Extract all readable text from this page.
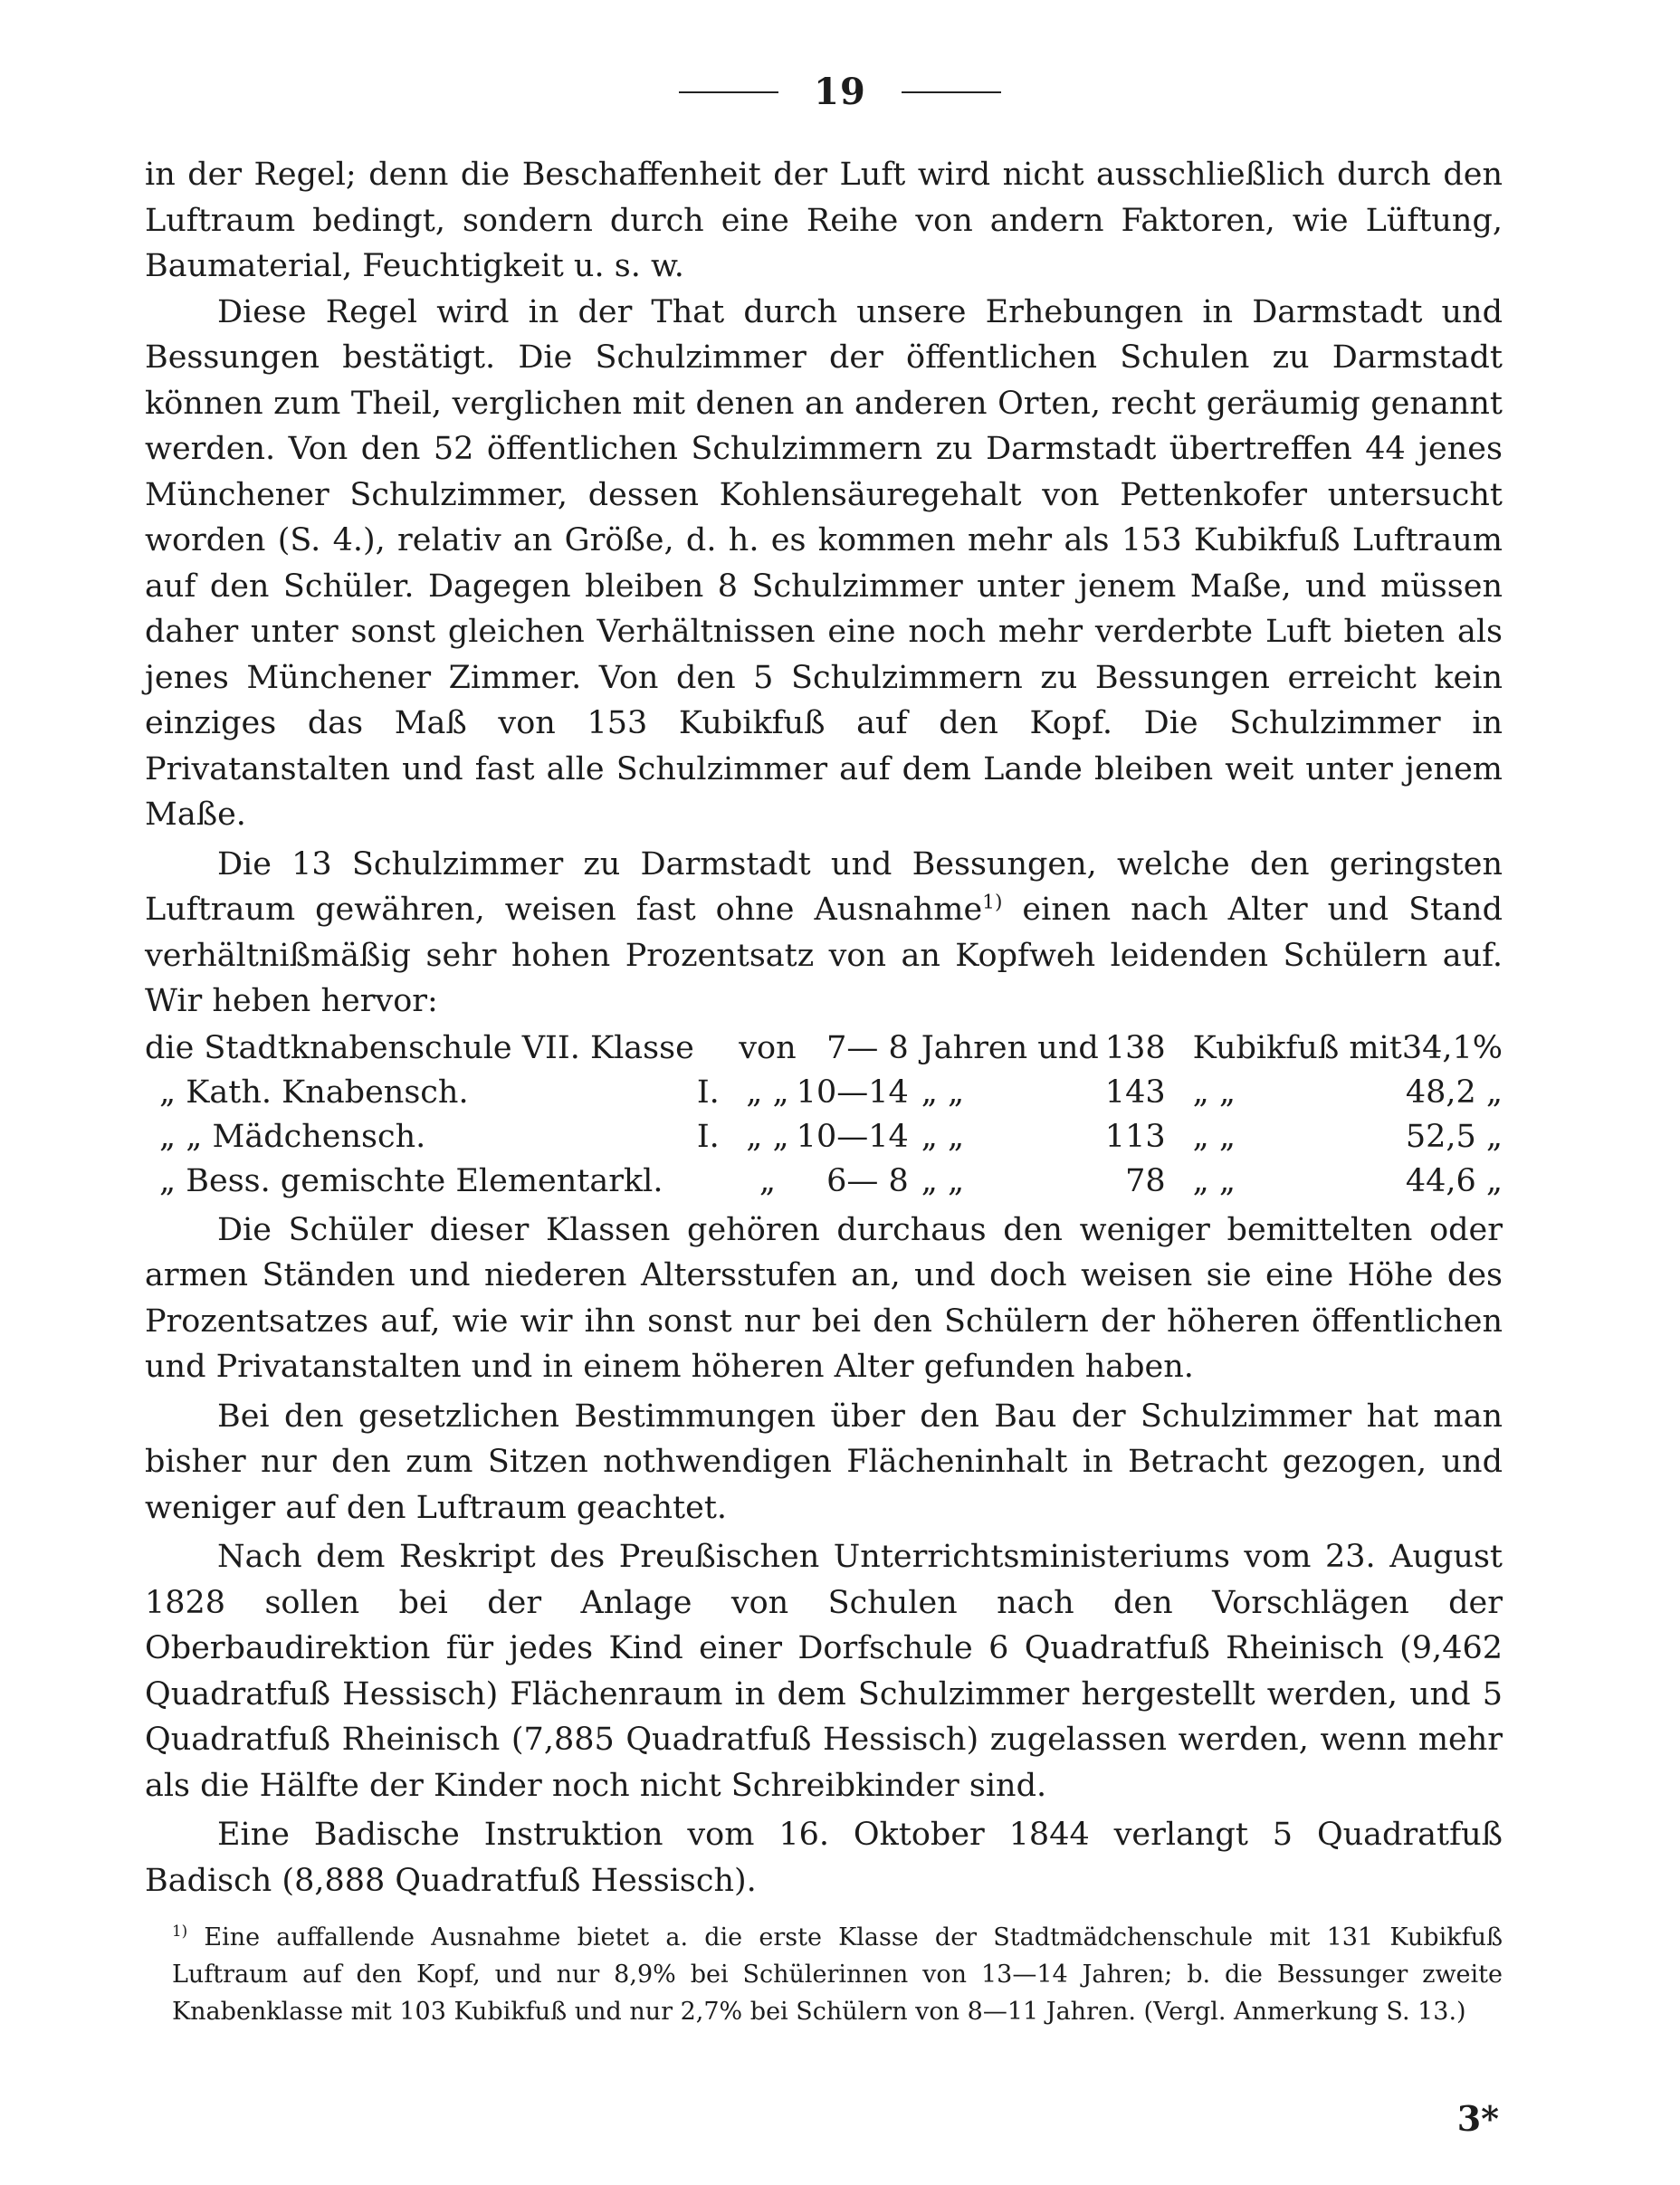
19

in der Regel; denn die Beschaffenheit der Luft wird nicht ausschließlich durch den Luftraum bedingt, sondern durch eine Reihe von andern Faktoren, wie Lüftung, Baumaterial, Feuchtigkeit u. s. w.

Diese Regel wird in der That durch unsere Erhebungen in Darmstadt und Bessungen bestätigt. Die Schulzimmer der öffentlichen Schulen zu Darmstadt können zum Theil, verglichen mit denen an anderen Orten, recht geräumig genannt werden. Von den 52 öffentlichen Schulzimmern zu Darmstadt übertreffen 44 jenes Münchener Schulzimmer, dessen Kohlensäuregehalt von Pettenkofer untersucht worden (S. 4.), relativ an Größe, d. h. es kommen mehr als 153 Kubikfuß Luftraum auf den Schüler. Dagegen bleiben 8 Schulzimmer unter jenem Maße, und müssen daher unter sonst gleichen Verhältnissen eine noch mehr verderbte Luft bieten als jenes Münchener Zimmer. Von den 5 Schulzimmern zu Bessungen erreicht kein einziges das Maß von 153 Kubikfuß auf den Kopf. Die Schulzimmer in Privatanstalten und fast alle Schulzimmer auf dem Lande bleiben weit unter jenem Maße.

Die 13 Schulzimmer zu Darmstadt und Bessungen, welche den geringsten Luftraum gewähren, weisen fast ohne Ausnahme$^{1)}$ einen nach Alter und Stand verhältnißmäßig sehr hohen Prozentsatz von an Kopfweh leidenden Schülern auf. Wir heben hervor:

die Stadtknabenschule VII. Klasse		von	7— 8	Jahren und	138	Kubikfuß mit	34,1%
„ Kath. Knabensch.	I.	„ „	10—14	„ „	143	„ „	48,2 „
„ „ Mädchensch.	I.	„ „	10—14	„ „	113	„ „	52,5 „
„ Bess. gemischte Elementarkl.		„	6— 8	„ „	78	„ „	44,6 „

Die Schüler dieser Klassen gehören durchaus den weniger bemittelten oder armen Ständen und niederen Altersstufen an, und doch weisen sie eine Höhe des Prozentsatzes auf, wie wir ihn sonst nur bei den Schülern der höheren öffentlichen und Privatanstalten und in einem höheren Alter gefunden haben.

Bei den gesetzlichen Bestimmungen über den Bau der Schulzimmer hat man bisher nur den zum Sitzen nothwendigen Flächeninhalt in Betracht gezogen, und weniger auf den Luftraum geachtet.

Nach dem Reskript des Preußischen Unterrichtsministeriums vom 23. August 1828 sollen bei der Anlage von Schulen nach den Vorschlägen der Oberbaudirektion für jedes Kind einer Dorfschule 6 Quadratfuß Rheinisch (9,462 Quadratfuß Hessisch) Flächenraum in dem Schulzimmer hergestellt werden, und 5 Quadratfuß Rheinisch (7,885 Quadratfuß Hessisch) zugelassen werden, wenn mehr als die Hälfte der Kinder noch nicht Schreibkinder sind.

Eine Badische Instruktion vom 16. Oktober 1844 verlangt 5 Quadratfuß Badisch (8,888 Quadratfuß Hessisch).

$^{1)}$ Eine auffallende Ausnahme bietet a. die erste Klasse der Stadtmädchenschule mit 131 Kubikfuß Luftraum auf den Kopf, und nur 8,9% bei Schülerinnen von 13—14 Jahren; b. die Bessunger zweite Knabenklasse mit 103 Kubikfuß und nur 2,7% bei Schülern von 8—11 Jahren. (Vergl. Anmerkung S. 13.)

3*
